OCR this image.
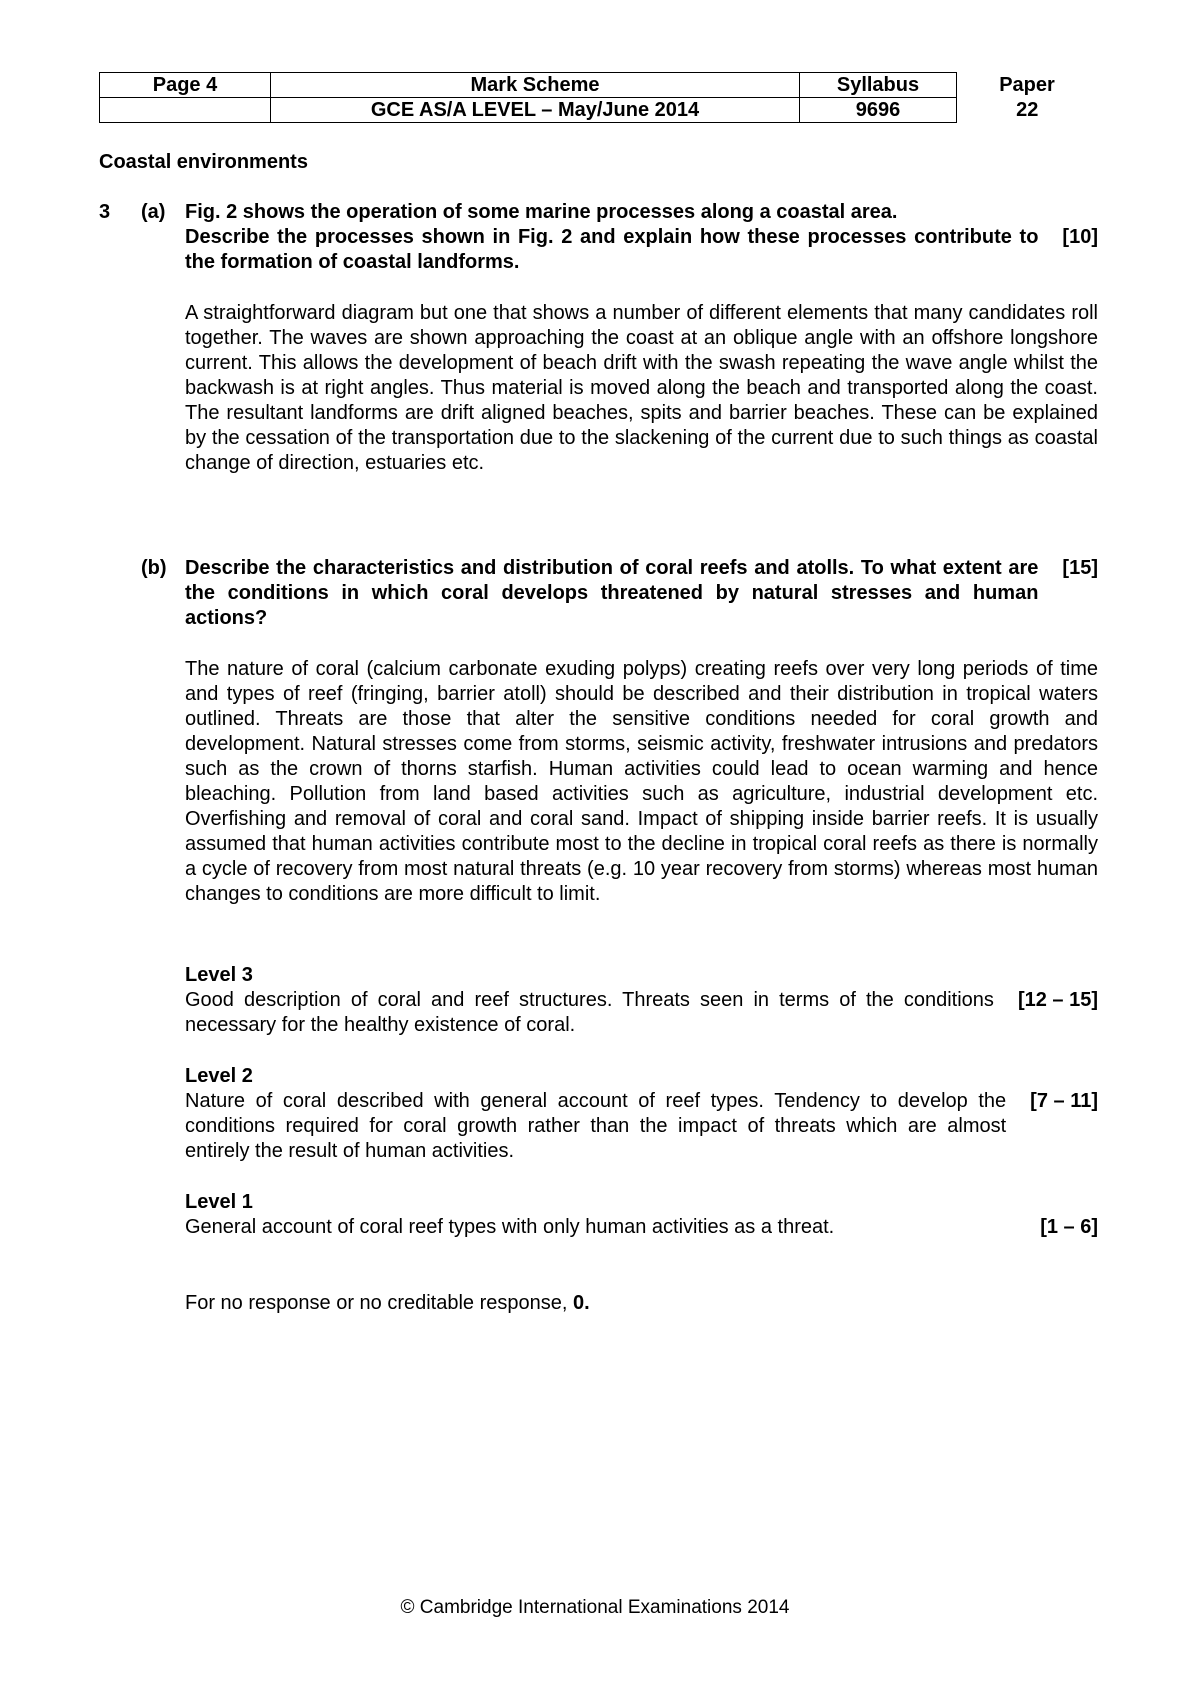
Page 4	Mark Scheme	Syllabus	Paper
	GCE AS/A LEVEL – May/June 2014	9696	22
Coastal environments
3 (a) Fig. 2 shows the operation of some marine processes along a coastal area.
Describe the processes shown in Fig. 2 and explain how these processes contribute to the formation of coastal landforms.
[10]
A straightforward diagram but one that shows a number of different elements that many candidates roll together. The waves are shown approaching the coast at an oblique angle with an offshore longshore current. This allows the development of beach drift with the swash repeating the wave angle whilst the backwash is at right angles. Thus material is moved along the beach and transported along the coast. The resultant landforms are drift aligned beaches, spits and barrier beaches. These can be explained by the cessation of the transportation due to the slackening of the current due to such things as coastal change of direction, estuaries etc.
(b) Describe the characteristics and distribution of coral reefs and atolls. To what extent are the conditions in which coral develops threatened by natural stresses and human actions?
[15]
The nature of coral (calcium carbonate exuding polyps) creating reefs over very long periods of time and types of reef (fringing, barrier atoll) should be described and their distribution in tropical waters outlined. Threats are those that alter the sensitive conditions needed for coral growth and development. Natural stresses come from storms, seismic activity, freshwater intrusions and predators such as the crown of thorns starfish. Human activities could lead to ocean warming and hence bleaching. Pollution from land based activities such as agriculture, industrial development etc. Overfishing and removal of coral and coral sand. Impact of shipping inside barrier reefs. It is usually assumed that human activities contribute most to the decline in tropical coral reefs as there is normally a cycle of recovery from most natural threats (e.g. 10 year recovery from storms) whereas most human changes to conditions are more difficult to limit.
Level 3
Good description of coral and reef structures. Threats seen in terms of the conditions necessary for the healthy existence of coral.
[12 – 15]
Level 2
Nature of coral described with general account of reef types. Tendency to develop the conditions required for coral growth rather than the impact of threats which are almost entirely the result of human activities.
[7 – 11]
Level 1
General account of coral reef types with only human activities as a threat.	[1 – 6]
For no response or no creditable response, 0.
© Cambridge International Examinations 2014
